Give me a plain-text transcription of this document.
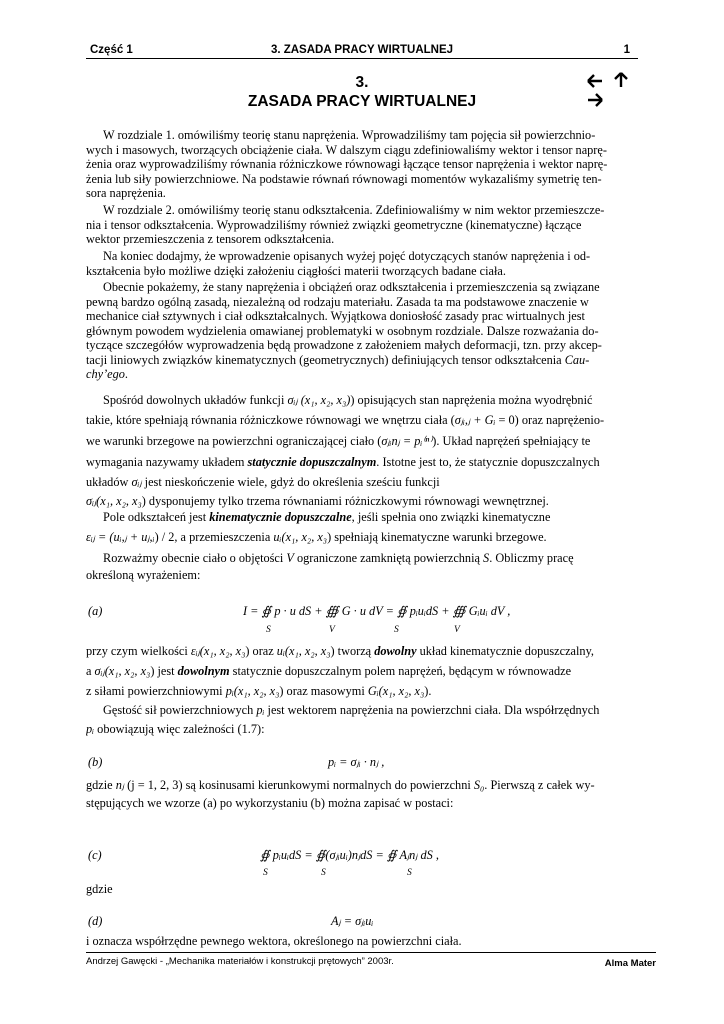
Część 1	3. ZASADA PRACY WIRTUALNEJ	1
3.
ZASADA PRACY WIRTUALNEJ

W rozdziale 1. omówiliśmy teorię stanu naprężenia. Wprowadziliśmy tam pojęcia sił powierzchnio-
wych i masowych, tworzących obciążenie ciała. W dalszym ciągu zdefiniowaliśmy wektor i tensor naprę-
żenia oraz wyprowadziliśmy równania różniczkowe równowagi łączące tensor naprężenia i wektor naprę-
żenia lub siły powierzchniowe. Na podstawie równań równowagi momentów wykazaliśmy symetrię ten-
sora naprężenia.
W rozdziale 2. omówiliśmy teorię stanu odkształcenia. Zdefiniowaliśmy w nim wektor przemieszcze-
nia i tensor odkształcenia. Wyprowadziliśmy również związki geometryczne (kinematyczne) łączące
wektor przemieszczenia z tensorem odkształcenia.
Na koniec dodajmy, że wprowadzenie opisanych wyżej pojęć dotyczących stanów naprężenia i od-
kształcenia było możliwe dzięki założeniu ciągłości materii tworzących badane ciała.
Obecnie pokażemy, że stany naprężenia i obciążeń oraz odkształcenia i przemieszczenia są związane
pewną bardzo ogólną zasadą, niezależną od rodzaju materiału. Zasada ta ma podstawowe znaczenie w
mechanice ciał sztywnych i ciał odkształcalnych. Wyjątkowa doniosłość zasady prac wirtualnych jest
głównym powodem wydzielenia omawianej problematyki w osobnym rozdziale. Dalsze rozważania do-
tyczące szczegółów wyprowadzenia będą prowadzone z założeniem małych deformacji, tzn. przy akcep-
tacji liniowych związków kinematycznych (geometrycznych) definiujących tensor odkształcenia Cau-
chy’ego.
Spośród dowolnych układów funkcji σᵢⱼ (x₁, x₂, x₃)) opisujących stan naprężenia można wyodrębnić
takie, które spełniają równania różniczkowe równowagi we wnętrzu ciała (σⱼᵢ,ⱼ + Gᵢ = 0) oraz naprężenio-
we warunki brzegowe na powierzchni ograniczającej ciało (σⱼᵢnⱼ = pᵢ⁽ⁿ⁾). Układ naprężeń spełniający te
wymagania nazywamy układem statycznie dopuszczalnym. Istotne jest to, że statycznie dopuszczalnych
układów σᵢⱼ jest nieskończenie wiele, gdyż do określenia sześciu funkcji
σᵢⱼ(x₁, x₂, x₃) dysponujemy tylko trzema równaniami różniczkowymi równowagi wewnętrznej.
Pole odkształceń jest kinematycznie dopuszczalne, jeśli spełnia ono związki kinematyczne
εᵢⱼ = (uᵢ,ⱼ + uⱼ,ᵢ) / 2, a przemieszczenia uᵢ(x₁, x₂, x₃) spełniają kinematyczne warunki brzegowe.
Rozważmy obecnie ciało o objętości V ograniczone zamkniętą powierzchnią S. Obliczmy pracę
określoną wyrażeniem:
(a)	I = ∯ p · u dS + ∰ G · u dV = ∯ pᵢuᵢdS + ∰ Gᵢuᵢ dV ,
S	V	S	V
przy czym wielkości εᵢⱼ(x₁, x₂, x₃) oraz uᵢ(x₁, x₂, x₃) tworzą dowolny układ kinematycznie dopuszczalny,
a σᵢⱼ(x₁, x₂, x₃) jest dowolnym statycznie dopuszczalnym polem naprężeń, będącym w równowadze
z siłami powierzchniowymi pᵢ(x₁, x₂, x₃) oraz masowymi Gᵢ(x₁, x₂, x₃).
Gęstość sił powierzchniowych pᵢ jest wektorem naprężenia na powierzchni ciała. Dla współrzędnych
pᵢ obowiązują więc zależności (1.7):
(b)	pᵢ = σⱼᵢ · nⱼ ,
gdzie nⱼ (j = 1, 2, 3) są kosinusami kierunkowymi normalnych do powierzchni S₀. Pierwszą z całek wy-
stępujących we wzorze (a) po wykorzystaniu (b) można zapisać w postaci:
(c)	∯ pᵢuᵢdS = ∯(σⱼᵢuᵢ)nⱼdS = ∯ Aⱼnⱼ dS ,
S	S	S
gdzie
(d)	Aⱼ = σⱼᵢuᵢ
i oznacza współrzędne pewnego wektora, określonego na powierzchni ciała.
Andrzej Gawęcki - „Mechanika materiałów i konstrukcji prętowych” 2003r.	Alma Mater
